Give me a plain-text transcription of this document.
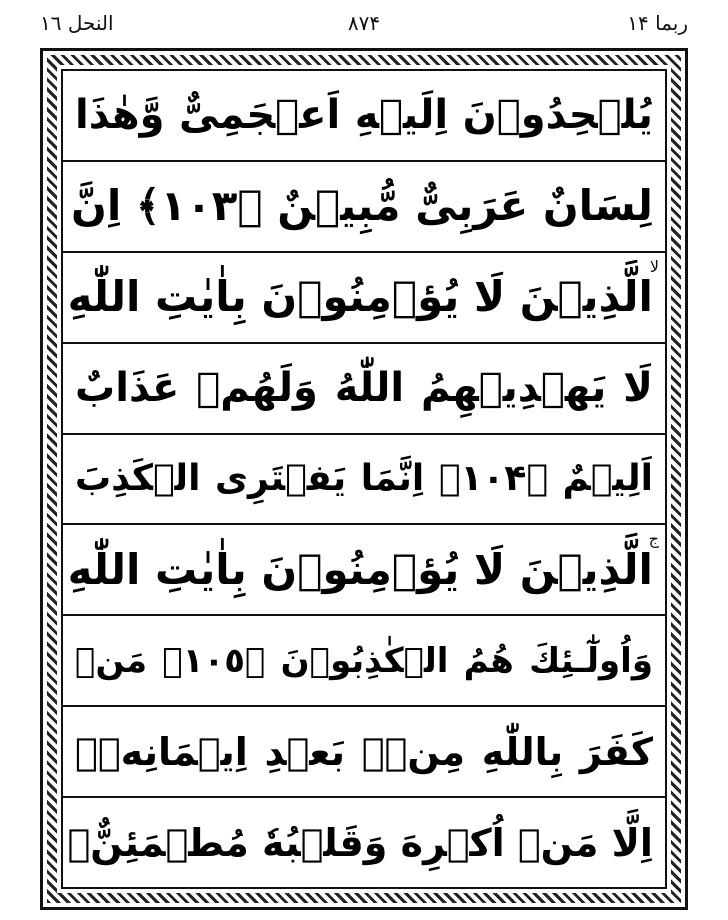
النحل ١٦	٨٧۴	ربما ١۴
يُلۡحِدُوۡنَ اِلَيۡهِ اَعۡجَمِىٌّ وَّهٰذَا
لِسَانٌ عَرَبِىٌّ مُّبِيۡنٌ ﴿١٠٣﴾ اِنَّ
لا
الَّذِيۡنَ لَا يُؤۡمِنُوۡنَ بِاٰيٰتِ اللّٰهِ
لَا يَهۡدِيۡهِمُ اللّٰهُ وَلَهُمۡ عَذَابٌ
اَلِيۡمٌ ﴿١٠۴﴾ اِنَّمَا يَفۡتَرِى الۡكَذِبَ
ج
الَّذِيۡنَ لَا يُؤۡمِنُوۡنَ بِاٰيٰتِ اللّٰهِ
وَاُولٰٓـئِكَ هُمُ الۡكٰذِبُوۡنَ ﴿١٠٥﴾ مَنۡ
كَفَرَ بِاللّٰهِ مِنۡۢ بَعۡدِ اِيۡمَانِهٖۤ
اِلَّا مَنۡ اُكۡرِهَ وَقَلۡبُهٗ مُطۡمَئِنٌّۢ
